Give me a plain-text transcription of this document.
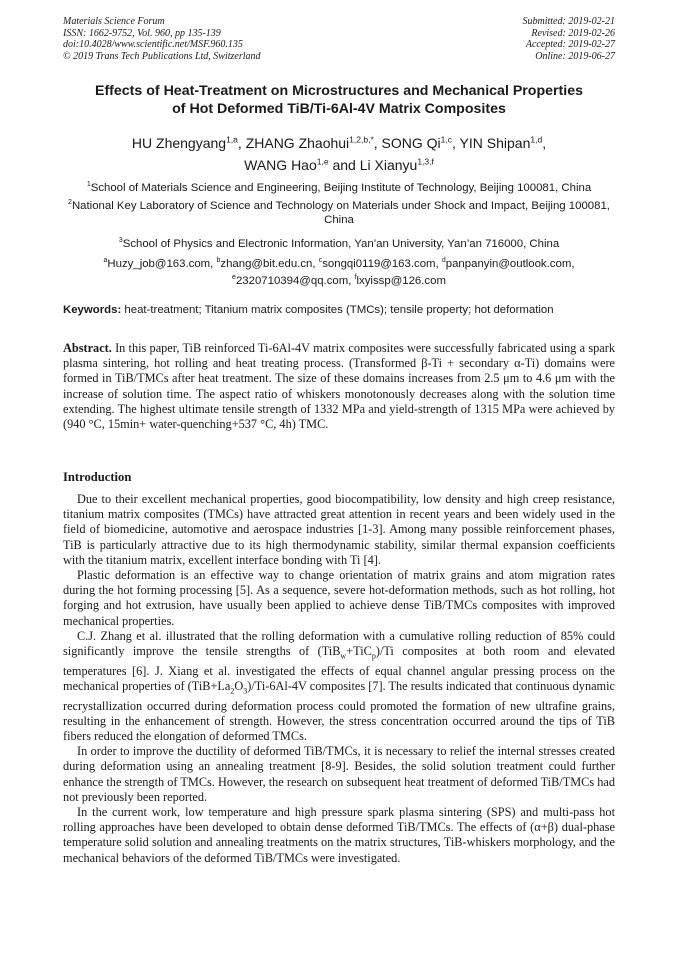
Materials Science Forum
ISSN: 1662-9752, Vol. 960, pp 135-139
doi:10.4028/www.scientific.net/MSF.960.135
© 2019 Trans Tech Publications Ltd, Switzerland
Submitted: 2019-02-21
Revised: 2019-02-26
Accepted: 2019-02-27
Online: 2019-06-27
Effects of Heat-Treatment on Microstructures and Mechanical Properties
of Hot Deformed TiB/Ti-6Al-4V Matrix Composites
HU Zhengyang$^{1,a}$, ZHANG Zhaohui$^{1,2,b,*}$, SONG Qi$^{1,c}$, YIN Shipan$^{1,d}$,
WANG Hao$^{1,e}$ and Li Xianyu$^{1,3,f}$
$^1$School of Materials Science and Engineering, Beijing Institute of Technology, Beijing 100081, China
$^2$National Key Laboratory of Science and Technology on Materials under Shock and Impact, Beijing 100081, China
$^3$School of Physics and Electronic Information, Yan’an University, Yan’an 716000, China
$^a$Huzy_job@163.com, $^b$zhang@bit.edu.cn, $^c$songqi0119@163.com, $^d$panpanyin@outlook.com,
$^e$2320710394@qq.com, $^f$lxyissp@126.com
Keywords: heat-treatment; Titanium matrix composites (TMCs); tensile property; hot deformation
Abstract. In this paper, TiB reinforced Ti-6Al-4V matrix composites were successfully fabricated using a spark plasma sintering, hot rolling and heat treating process. (Transformed β-Ti + secondary α-Ti) domains were formed in TiB/TMCs after heat treatment. The size of these domains increases from 2.5 μm to 4.6 μm with the increase of solution time. The aspect ratio of whiskers monotonously decreases along with the solution time extending. The highest ultimate tensile strength of 1332 MPa and yield-strength of 1315 MPa were achieved by (940 °C, 15min+ water-quenching+537 °C, 4h) TMC.
Introduction

Due to their excellent mechanical properties, good biocompatibility, low density and high creep resistance, titanium matrix composites (TMCs) have attracted great attention in recent years and been widely used in the field of biomedicine, automotive and aerospace industries [1-3]. Among many possible reinforcement phases, TiB is particularly attractive due to its high thermodynamic stability, similar thermal expansion coefficients with the titanium matrix, excellent interface bonding with Ti [4].

Plastic deformation is an effective way to change orientation of matrix grains and atom migration rates during the hot forming processing [5]. As a sequence, severe hot-deformation methods, such as hot rolling, hot forging and hot extrusion, have usually been applied to achieve dense TiB/TMCs composites with improved mechanical properties.

C.J. Zhang et al. illustrated that the rolling deformation with a cumulative rolling reduction of 85% could significantly improve the tensile strengths of (TiB$_w$+TiC$_p$)/Ti composites at both room and elevated temperatures [6]. J. Xiang et al. investigated the effects of equal channel angular pressing process on the mechanical properties of $(TiB+La_2O_3)/Ti-6Al-4V$ composites [7]. The results indicated that continuous dynamic recrystallization occurred during deformation process could promoted the formation of new ultrafine grains, resulting in the enhancement of strength. However, the stress concentration occurred around the tips of TiB fibers reduced the elongation of deformed TMCs.

In order to improve the ductility of deformed TiB/TMCs, it is necessary to relief the internal stresses created during deformation using an annealing treatment [8-9]. Besides, the solid solution treatment could further enhance the strength of TMCs. However, the research on subsequent heat treatment of deformed TiB/TMCs had not previously been reported.

In the current work, low temperature and high pressure spark plasma sintering (SPS) and multi-pass hot rolling approaches have been developed to obtain dense deformed TiB/TMCs. The effects of (α+β) dual-phase temperature solid solution and annealing treatments on the matrix structures, TiB-whiskers morphology, and the mechanical behaviors of the deformed TiB/TMCs were investigated.
